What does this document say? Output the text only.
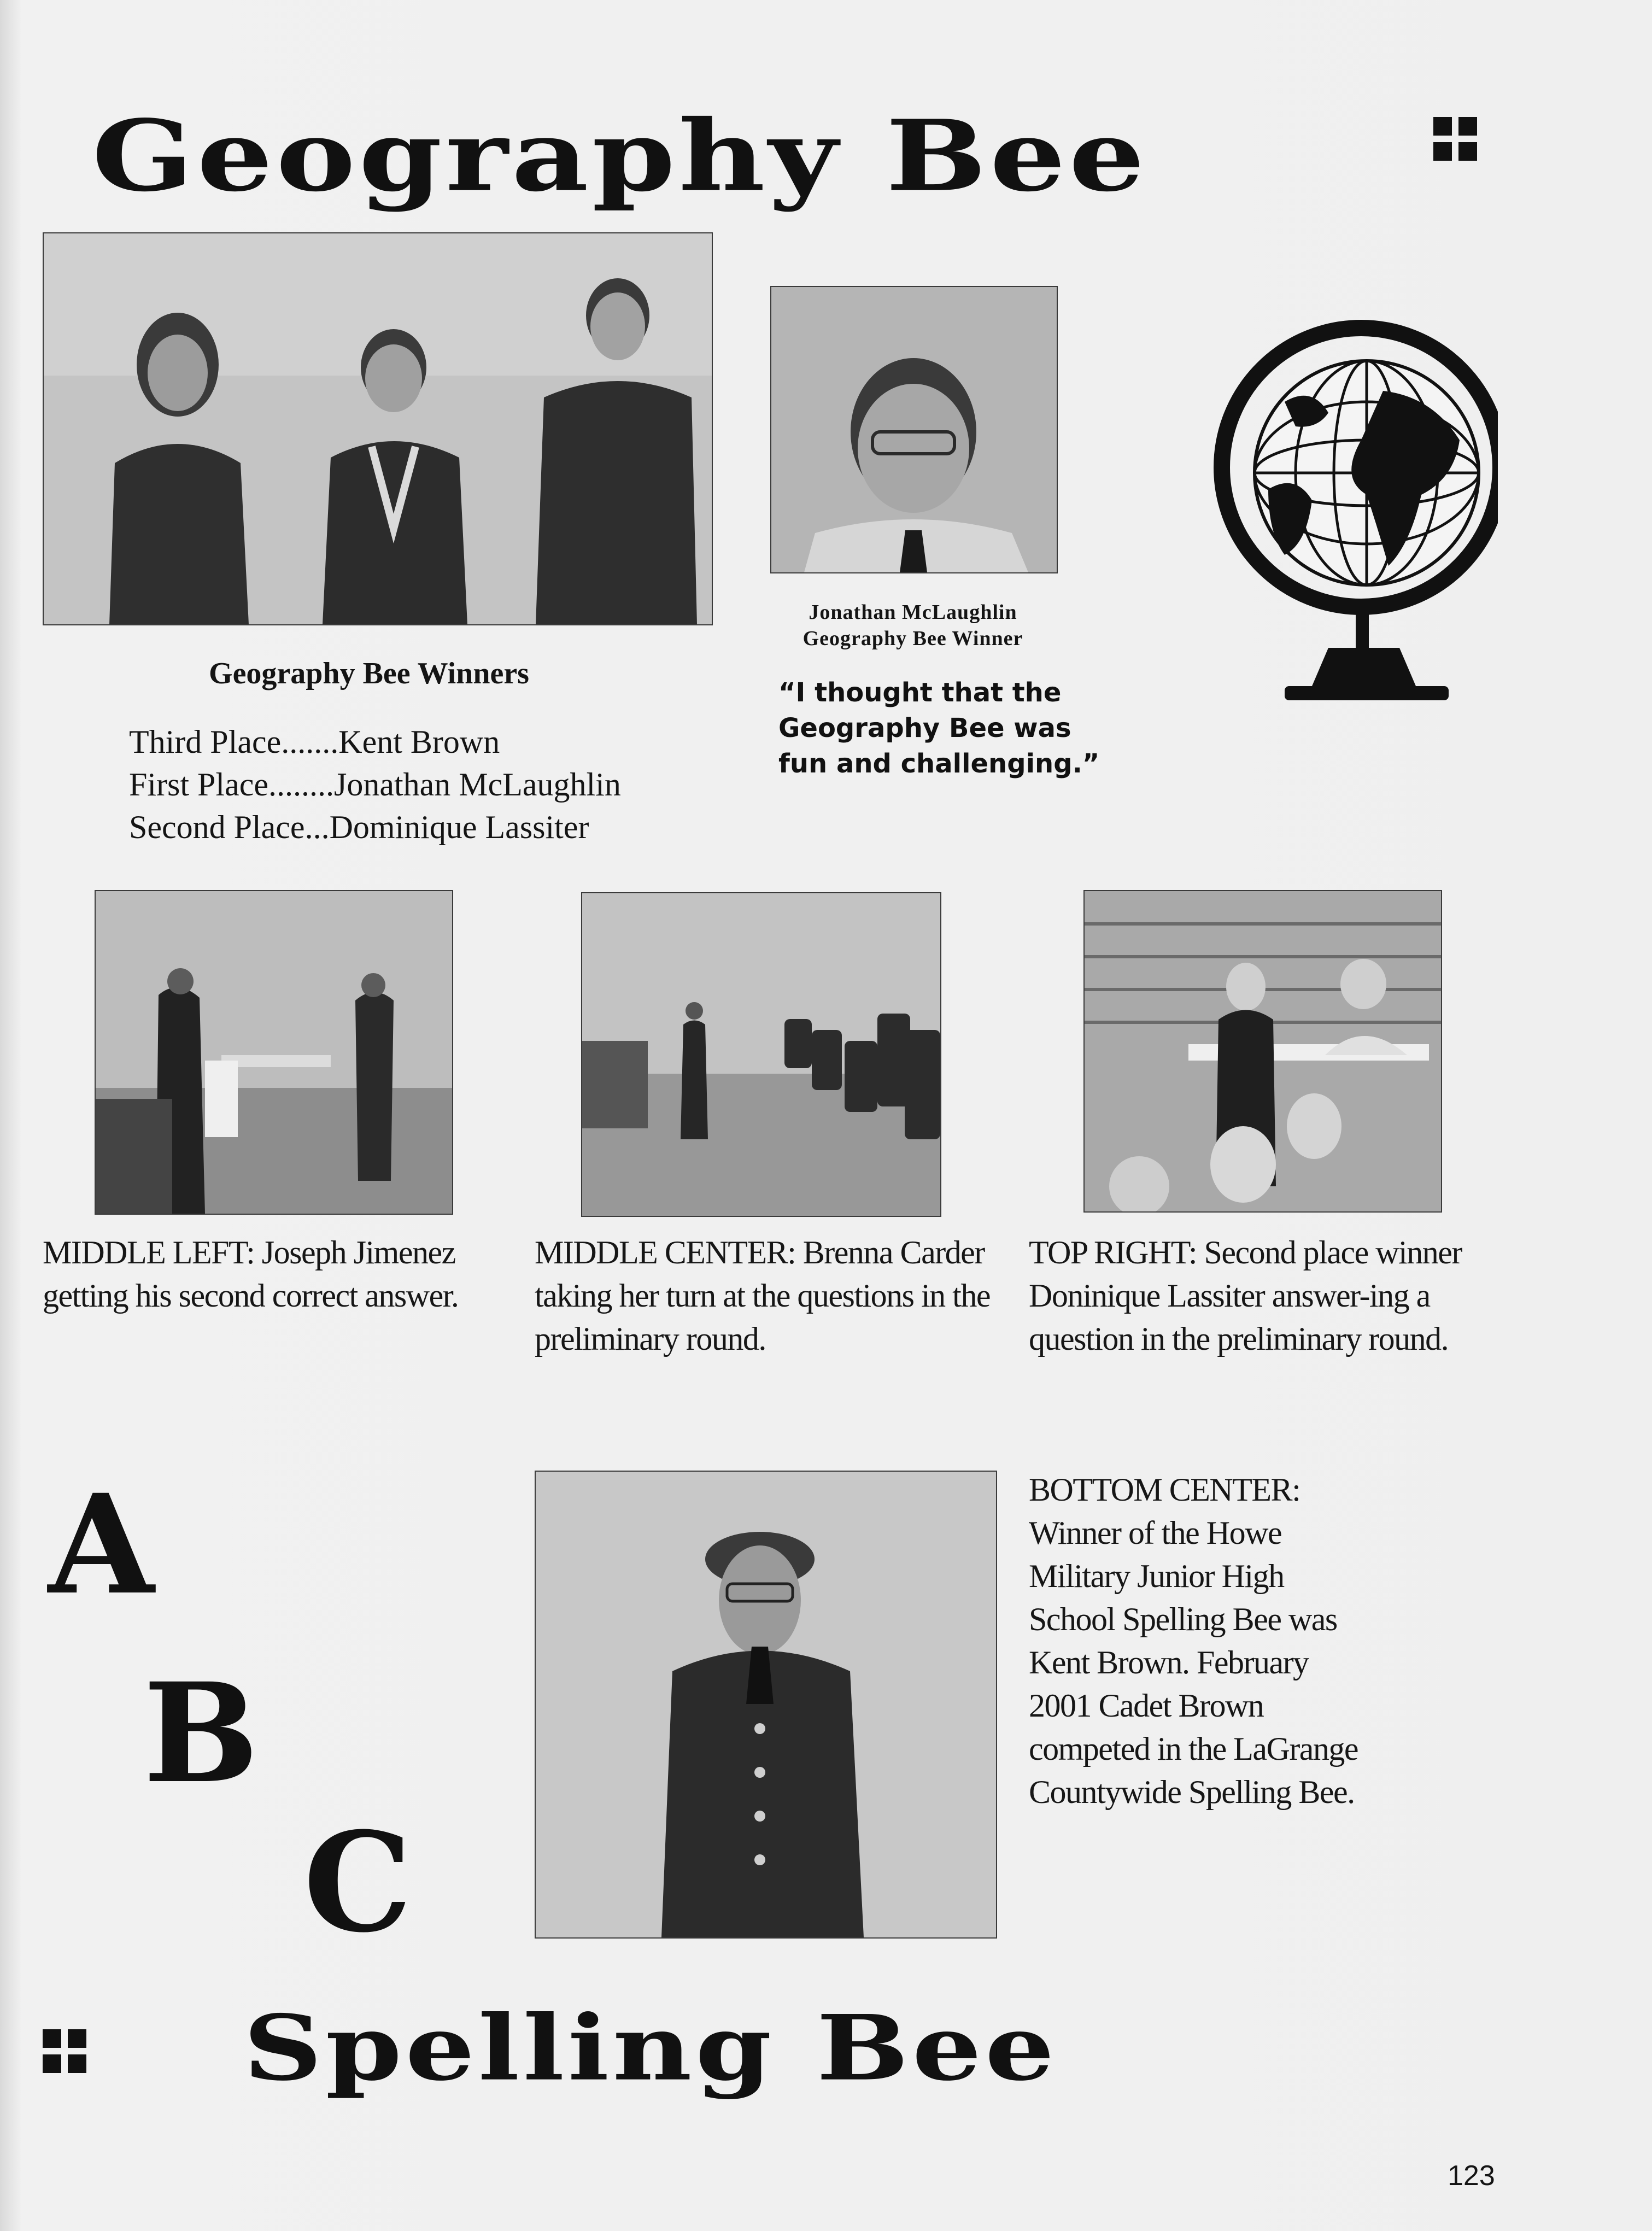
Geography Bee
Jonathan McLaughlin
Geography Bee Winner
“I thought that the Geography Bee was fun and challenging.”
Geography Bee Winners
Third Place.......Kent Brown
First Place........Jonathan McLaughlin
Second Place...Dominique Lassiter
MIDDLE LEFT: Joseph Jimenez getting his second correct answer.
MIDDLE CENTER: Brenna Carder taking her turn at the questions in the preliminary round.
TOP RIGHT: Second place winner Doninique Lassiter answer-ing a question in the preliminary round.
A
B
C
BOTTOM CENTER: Winner of the Howe Military Junior High School Spelling Bee was Kent Brown. February 2001 Cadet Brown competed in the LaGrange Countywide Spelling Bee.
Spelling Bee
123
